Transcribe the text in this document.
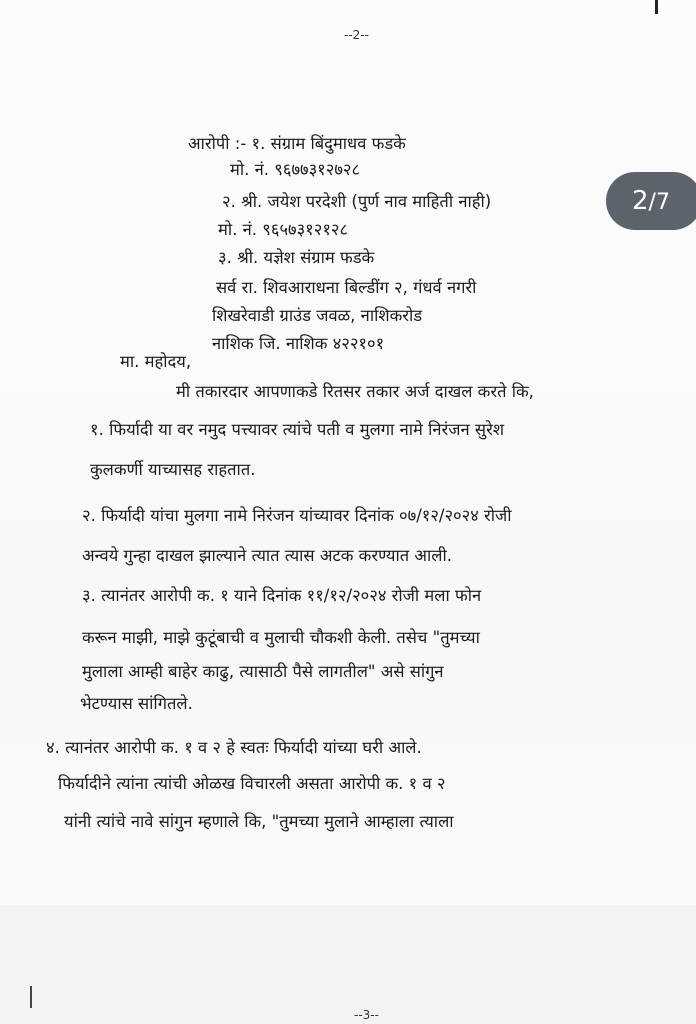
--2--
आरोपी :- १. संग्राम बिंदुमाधव फडके
मो. नं. ९६७७३१२७२८
२. श्री. जयेश परदेशी (पुर्ण नाव माहिती नाही)
मो. नं. ९६५७३१२१२८
३. श्री. यज्ञेश संग्राम फडके
सर्व रा. शिवआराधना बिल्डींग २, गंधर्व नगरी
शिखरेवाडी ग्राउंड जवळ, नाशिकरोड
नाशिक जि. नाशिक ४२२१०१
मा. महोदय,
मी तकारदार आपणाकडे रितसर तकार अर्ज दाखल करते कि,
१. फिर्यादी या वर नमुद पत्त्यावर त्यांचे पती व मुलगा नामे निरंजन सुरेश
कुलकर्णी याच्यासह राहतात.
२. फिर्यादी यांचा मुलगा नामे निरंजन यांच्यावर दिनांक ०७/१२/२०२४ रोजी
अन्वये गुन्हा दाखल झाल्याने त्यात त्यास अटक करण्यात आली.
३. त्यानंतर आरोपी क. १ याने दिनांक ११/१२/२०२४ रोजी मला फोन
करून माझी, माझे कुटूंबाची व मुलाची चौकशी केली. तसेच "तुमच्या
मुलाला आम्ही बाहेर काढु, त्यासाठी पैसे लागतील" असे सांगुन
भेटण्यास सांगितले.
४. त्यानंतर आरोपी क. १ व २ हे स्वतः फिर्यादी यांच्या घरी आले.
फिर्यादीने त्यांना त्यांची ओळख विचारली असता आरोपी क. १ व २
यांनी त्यांचे नावे सांगुन म्हणाले कि, "तुमच्या मुलाने आम्हाला त्याला
--3--
2/7
